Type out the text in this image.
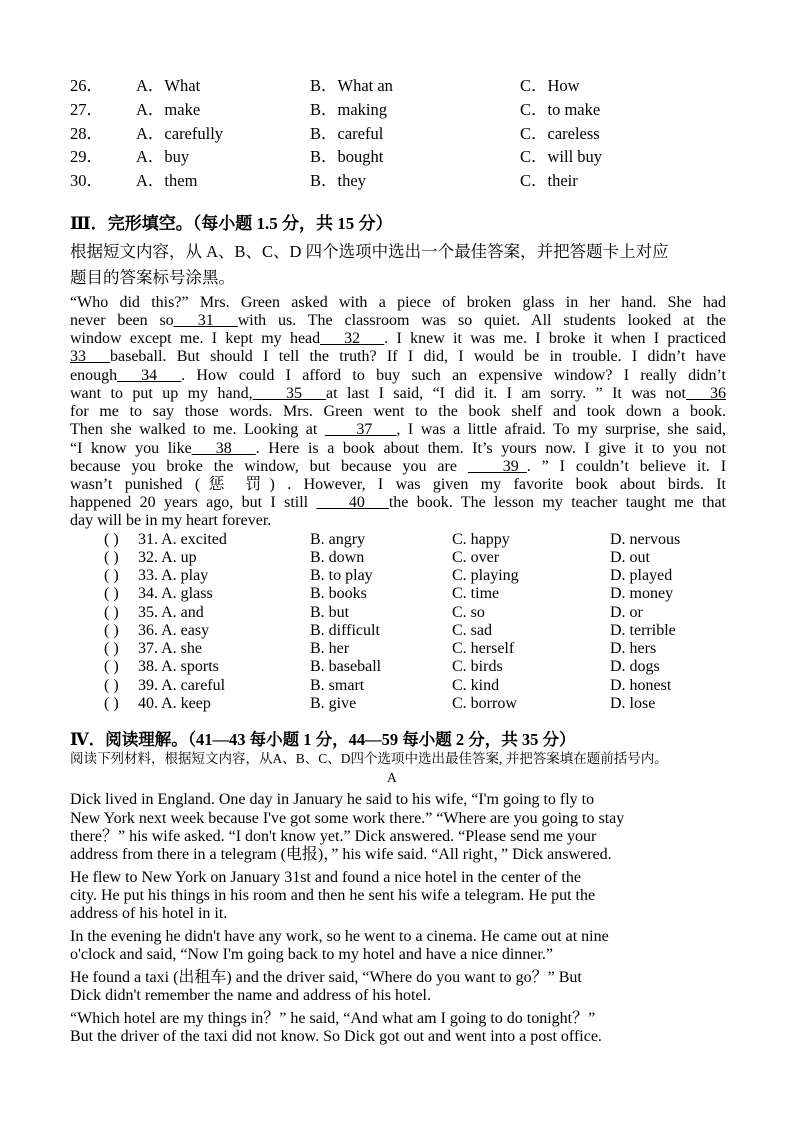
26． A．What	B．What an	C．How
27． A．make	B．making	C．to make
28． A．carefully	B．careful	C．careless
29． A．buy	B．bought	C．will buy
30． A．them	B．they	C．their
Ⅲ．完形填空。（每小题 1.5 分，共 15 分）
根据短文内容，从 A、B、C、D 四个选项中选出一个最佳答案，并把答题卡上对应
题目的答案标号涂黑。
“Who did this?” Mrs. Green asked with a piece of broken glass in her hand. She had
never been so___31___with us. The classroom was so quiet. All students looked at the
window except me. I kept my head___32___. I knew it was me. I broke it when I practiced
33___baseball. But should I tell the truth? If I did, I would be in trouble. I didn’t have
enough___34___. How could I afford to buy such an expensive window? I really didn’t
want to put up my hand, ___35___at last I said, “I did it. I am sorry. ” It was not___36
for me to say those words. Mrs. Green went to the book shelf and took down a book.
Then she walked to me. Looking at  ___37___, I was a little afraid. To my surprise, she said,
“I know you like___38___. Here is a book about them. It’s yours now. I give it to you not
because you broke the window, but because you are  ___39_. ” I couldn’t believe it. I
wasn’t punished (惩 罚) . However, I was given my favorite book about birds. It
happened 20 years ago, but I still  ___40___the book. The lesson my teacher taught me that
day will be in my heart forever.
( ) 31. A. excited	B. angry	C. happy	D. nervous
( ) 32. A. up	B. down	C. over	D. out
( ) 33. A. play	B. to play	C. playing	D. played
( ) 34. A. glass	B. books	C. time	D. money
( ) 35. A. and	B. but	C. so	D. or
( ) 36. A. easy	B. difficult	C. sad	D. terrible
( ) 37. A. she	B. her	C. herself	D. hers
( ) 38. A. sports	B. baseball	C. birds	D. dogs
( ) 39. A. careful	B. smart	C. kind	D. honest
( ) 40. A. keep	B. give	C. borrow	D. lose
Ⅳ．阅读理解。（41—43 每小题 1 分，44—59 每小题 2 分，共 35 分）
阅读下列材料，根据短文内容，从A、B、C、D四个选项中选出最佳答案, 并把答案填在题前括号内。
A
Dick lived in England. One day in January he said to his wife, “I'm going to fly to
New York next week because I've got some work there.” “Where are you going to stay
there？” his wife asked. “I don't know yet.” Dick answered. “Please send me your
address from there in a telegram (电报)，” his wife said. “All right，” Dick answered.
He flew to New York on January 31st and found a nice hotel in the center of the
city. He put his things in his room and then he sent his wife a telegram. He put the
address of his hotel in it.
In the evening he didn't have any work, so he went to a cinema. He came out at nine
o'clock and said, “Now I'm going back to my hotel and have a nice dinner.”
He found a taxi (出租车) and the driver said, “Where do you want to go？” But
Dick didn't remember the name and address of his hotel.
“Which hotel are my things in？” he said, “And what am I going to do tonight？”
But the driver of the taxi did not know. So Dick got out and went into a post office.
